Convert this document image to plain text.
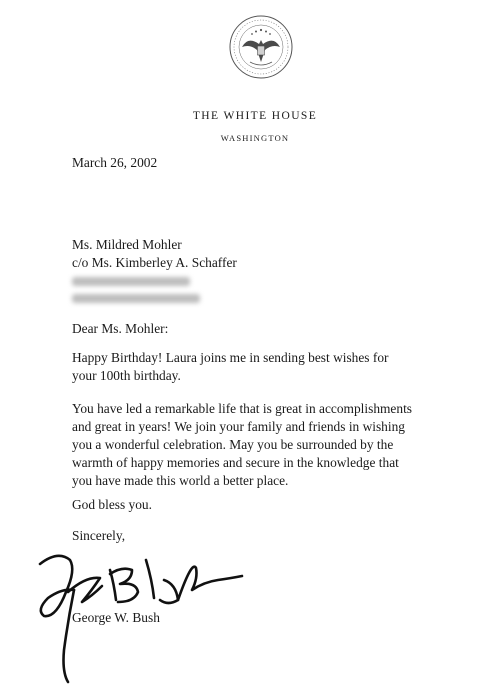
THE WHITE HOUSE
WASHINGTON
March 26, 2002
Ms. Mildred Mohler
c/o Ms. Kimberley A. Schaffer
Dear Ms. Mohler:
Happy Birthday! Laura joins me in sending best wishes for
your 100th birthday.
You have led a remarkable life that is great in accomplishments
and great in years! We join your family and friends in wishing
you a wonderful celebration. May you be surrounded by the
warmth of happy memories and secure in the knowledge that
you have made this world a better place.
God bless you.
Sincerely,
George W. Bush
